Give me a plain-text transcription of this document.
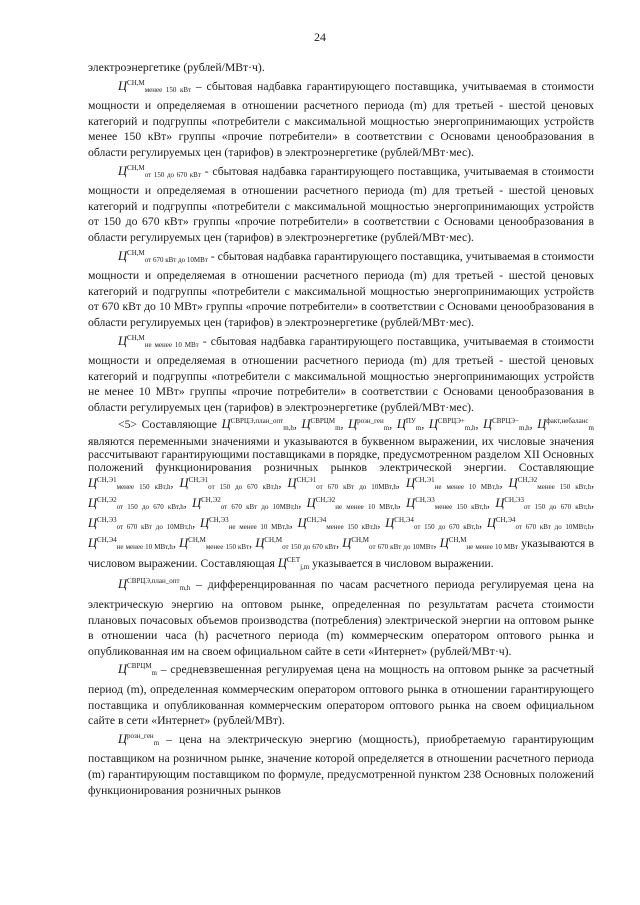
24

электроэнергетике (рублей/МВт·ч).

$Ц^{СН,М}_{менее 150 кВт}$ – сбытовая надбавка гарантирующего поставщика, учитываемая в стоимости мощности и определяемая в отношении расчетного периода (m) для третьей - шестой ценовых категорий и подгруппы «потребители с максимальной мощностью энергопринимающих устройств менее 150 кВт» группы «прочие потребители» в соответствии с Основами ценообразования в области регулируемых цен (тарифов) в электроэнергетике (рублей/МВт·мес).

$Ц^{СН,М}_{от 150 до 670 кВт}$ - сбытовая надбавка гарантирующего поставщика, учитываемая в стоимости мощности и определяемая в отношении расчетного периода (m) для третьей - шестой ценовых категорий и подгруппы «потребители с максимальной мощностью энергопринимающих устройств от 150 до 670 кВт» группы «прочие потребители» в соответствии с Основами ценообразования в области регулируемых цен (тарифов) в электроэнергетике (рублей/МВт·мес).

$Ц^{СН,М}_{от 670 кВт до 10МВт}$ - сбытовая надбавка гарантирующего поставщика, учитываемая в стоимости мощности и определяемая в отношении расчетного периода (m) для третьей - шестой ценовых категорий и подгруппы «потребители с максимальной мощностью энергопринимающих устройств от 670 кВт до 10 МВт» группы «прочие потребители» в соответствии с Основами ценообразования в области регулируемых цен (тарифов) в электроэнергетике (рублей/МВт·мес).

$Ц^{СН,М}_{не менее 10 МВт}$ - сбытовая надбавка гарантирующего поставщика, учитываемая в стоимости мощности и определяемая в отношении расчетного периода (m) для третьей - шестой ценовых категорий и подгруппы «потребители с максимальной мощностью энергопринимающих устройств не менее 10 МВт» группы «прочие потребители» в соответствии с Основами ценообразования в области регулируемых цен (тарифов) в электроэнергетике (рублей/МВт·мес).

<5> Составляющие $Ц^{СВРЦЭ,план\_опт}_{m,h}$, $Ц^{СВРЦМ}_m$, $Ц^{розн\_ген}_m$, $Ц^{ПУ}_m$, $Ц^{СВРЦЭ+}_{m,h}$, $Ц^{СВРЦЭ-}_{m,h}$, $Ц^{факт,небаланс}_m$ являются переменными значениями и указываются в буквенном выражении, их числовые значения рассчитывают гарантирующими поставщиками в порядке, предусмотренном разделом XII Основных положений функционирования розничных рынков электрической энергии. Составляющие $Ц^{СН,Э1}_{менее 150 кВт,h}$, $Ц^{СН,Э1}_{от 150 до 670 кВт,h}$, $Ц^{СН,Э1}_{от 670 кВт до 10МВт,h}$, $Ц^{СН,Э1}_{не менее 10 МВт,h}$, $Ц^{СН,Э2}_{менее 150 кВт,h}$, $Ц^{СН,Э2}_{от 150 до 670 кВт,h}$, $Ц^{СН,Э2}_{от 670 кВт до 10МВт,h}$, $Ц^{СН,Э2}_{не менее 10 МВт,h}$, $Ц^{СН,Э3}_{менее 150 кВт,h}$, $Ц^{СН,Э3}_{от 150 до 670 кВт,h}$, $Ц^{СН,Э3}_{от 670 кВт до 10МВт,h}$, $Ц^{СН,Э3}_{не менее 10 МВт,h}$, $Ц^{СН,Э4}_{менее 150 кВт,h}$, $Ц^{СН,Э4}_{от 150 до 670 кВт,h}$, $Ц^{СН,Э4}_{от 670 кВт до 10МВт,h}$, $Ц^{СН,Э4}_{не менее 10 МВт,h}$, $Ц^{СН,М}_{менее 150 кВт}$, $Ц^{СН,М}_{от 150 до 670 кВт}$, $Ц^{СН,М}_{от 670 кВт до 10МВт}$, $Ц^{СН,М}_{не менее 10 МВт}$ указываются в числовом выражении. Составляющая $Ц^{СЕТ}_{j,m}$ указывается в числовом выражении.

$Ц^{СВРЦЭ,план\_опт}_{m,h}$ – дифференцированная по часам расчетного периода регулируемая цена на электрическую энергию на оптовом рынке, определенная по результатам расчета стоимости плановых почасовых объемов производства (потребления) электрической энергии на оптовом рынке в отношении часа (h) расчетного периода (m) коммерческим оператором оптового рынка и опубликованная им на своем официальном сайте в сети «Интернет» (рублей/МВт·ч).

$Ц^{СВРЦМ}_m$ – средневзвешенная регулируемая цена на мощность на оптовом рынке за расчетный период (m), определенная коммерческим оператором оптового рынка в отношении гарантирующего поставщика и опубликованная коммерческим оператором оптового рынка на своем официальном сайте в сети «Интернет» (рублей/МВт).

$Ц^{розн\_ген}_m$ – цена на электрическую энергию (мощность), приобретаемую гарантирующим поставщиком на розничном рынке, значение которой определяется в отношении расчетного периода (m) гарантирующим поставщиком по формуле, предусмотренной пунктом 238 Основных положений функционирования розничных рынков
